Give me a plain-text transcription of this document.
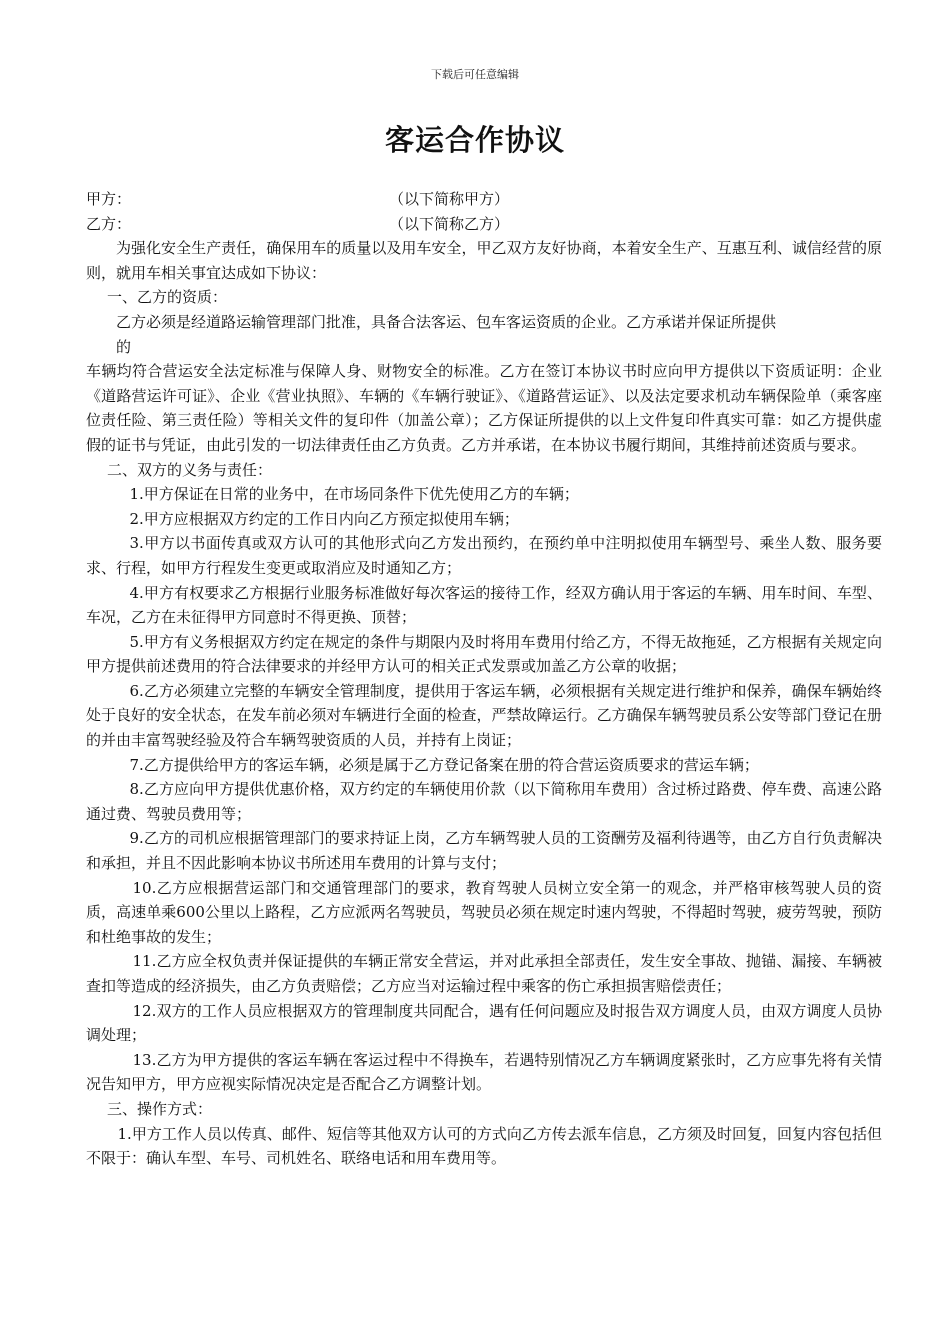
下载后可任意编辑
客运合作协议
甲方：	（以下简称甲方）
乙方：	（以下简称乙方）

为强化安全生产责任，确保用车的质量以及用车安全，甲乙双方友好协商，本着安全生产、互惠互利、诚信经营的原则，就用车相关事宜达成如下协议：

一、乙方的资质：

乙方必须是经道路运输管理部门批准，具备合法客运、包车客运资质的企业。乙方承诺并保证所提供

的

车辆均符合营运安全法定标准与保障人身、财物安全的标准。乙方在签订本协议书时应向甲方提供以下资质证明：企业《道路营运许可证》、企业《营业执照》、车辆的《车辆行驶证》、《道路营运证》、以及法定要求机动车辆保险单（乘客座位责任险、第三责任险）等相关文件的复印件（加盖公章）；乙方保证所提供的以上文件复印件真实可靠：如乙方提供虚假的证书与凭证，由此引发的一切法律责任由乙方负责。乙方并承诺，在本协议书履行期间，其维持前述资质与要求。

二、双方的义务与责任：

1.甲方保证在日常的业务中，在市场同条件下优先使用乙方的车辆；

2.甲方应根据双方约定的工作日内向乙方预定拟使用车辆；

3.甲方以书面传真或双方认可的其他形式向乙方发出预约，在预约单中注明拟使用车辆型号、乘坐人数、服务要求、行程，如甲方行程发生变更或取消应及时通知乙方；

4.甲方有权要求乙方根据行业服务标准做好每次客运的接待工作，经双方确认用于客运的车辆、用车时间、车型、车况，乙方在未征得甲方同意时不得更换、顶替；

5.甲方有义务根据双方约定在规定的条件与期限内及时将用车费用付给乙方，不得无故拖延，乙方根据有关规定向甲方提供前述费用的符合法律要求的并经甲方认可的相关正式发票或加盖乙方公章的收据；

6.乙方必须建立完整的车辆安全管理制度，提供用于客运车辆，必须根据有关规定进行维护和保养，确保车辆始终处于良好的安全状态，在发车前必须对车辆进行全面的检查，严禁故障运行。乙方确保车辆驾驶员系公安等部门登记在册的并由丰富驾驶经验及符合车辆驾驶资质的人员，并持有上岗证；

7.乙方提供给甲方的客运车辆，必须是属于乙方登记备案在册的符合营运资质要求的营运车辆；

8.乙方应向甲方提供优惠价格，双方约定的车辆使用价款（以下简称用车费用）含过桥过路费、停车费、高速公路通过费、驾驶员费用等；

9.乙方的司机应根据管理部门的要求持证上岗，乙方车辆驾驶人员的工资酬劳及福利待遇等，由乙方自行负责解决和承担，并且不因此影响本协议书所述用车费用的计算与支付；

10.乙方应根据营运部门和交通管理部门的要求，教育驾驶人员树立安全第一的观念，并严格审核驾驶人员的资质，高速单乘600公里以上路程，乙方应派两名驾驶员，驾驶员必须在规定时速内驾驶，不得超时驾驶，疲劳驾驶，预防和杜绝事故的发生；

11.乙方应全权负责并保证提供的车辆正常安全营运，并对此承担全部责任，发生安全事故、抛锚、漏接、车辆被查扣等造成的经济损失，由乙方负责赔偿；乙方应当对运输过程中乘客的伤亡承担损害赔偿责任；

12.双方的工作人员应根据双方的管理制度共同配合，遇有任何问题应及时报告双方调度人员，由双方调度人员协调处理；

13.乙方为甲方提供的客运车辆在客运过程中不得换车，若遇特别情况乙方车辆调度紧张时，乙方应事先将有关情况告知甲方，甲方应视实际情况决定是否配合乙方调整计划。

三、操作方式：

1.甲方工作人员以传真、邮件、短信等其他双方认可的方式向乙方传去派车信息，乙方须及时回复，回复内容包括但不限于：确认车型、车号、司机姓名、联络电话和用车费用等。
